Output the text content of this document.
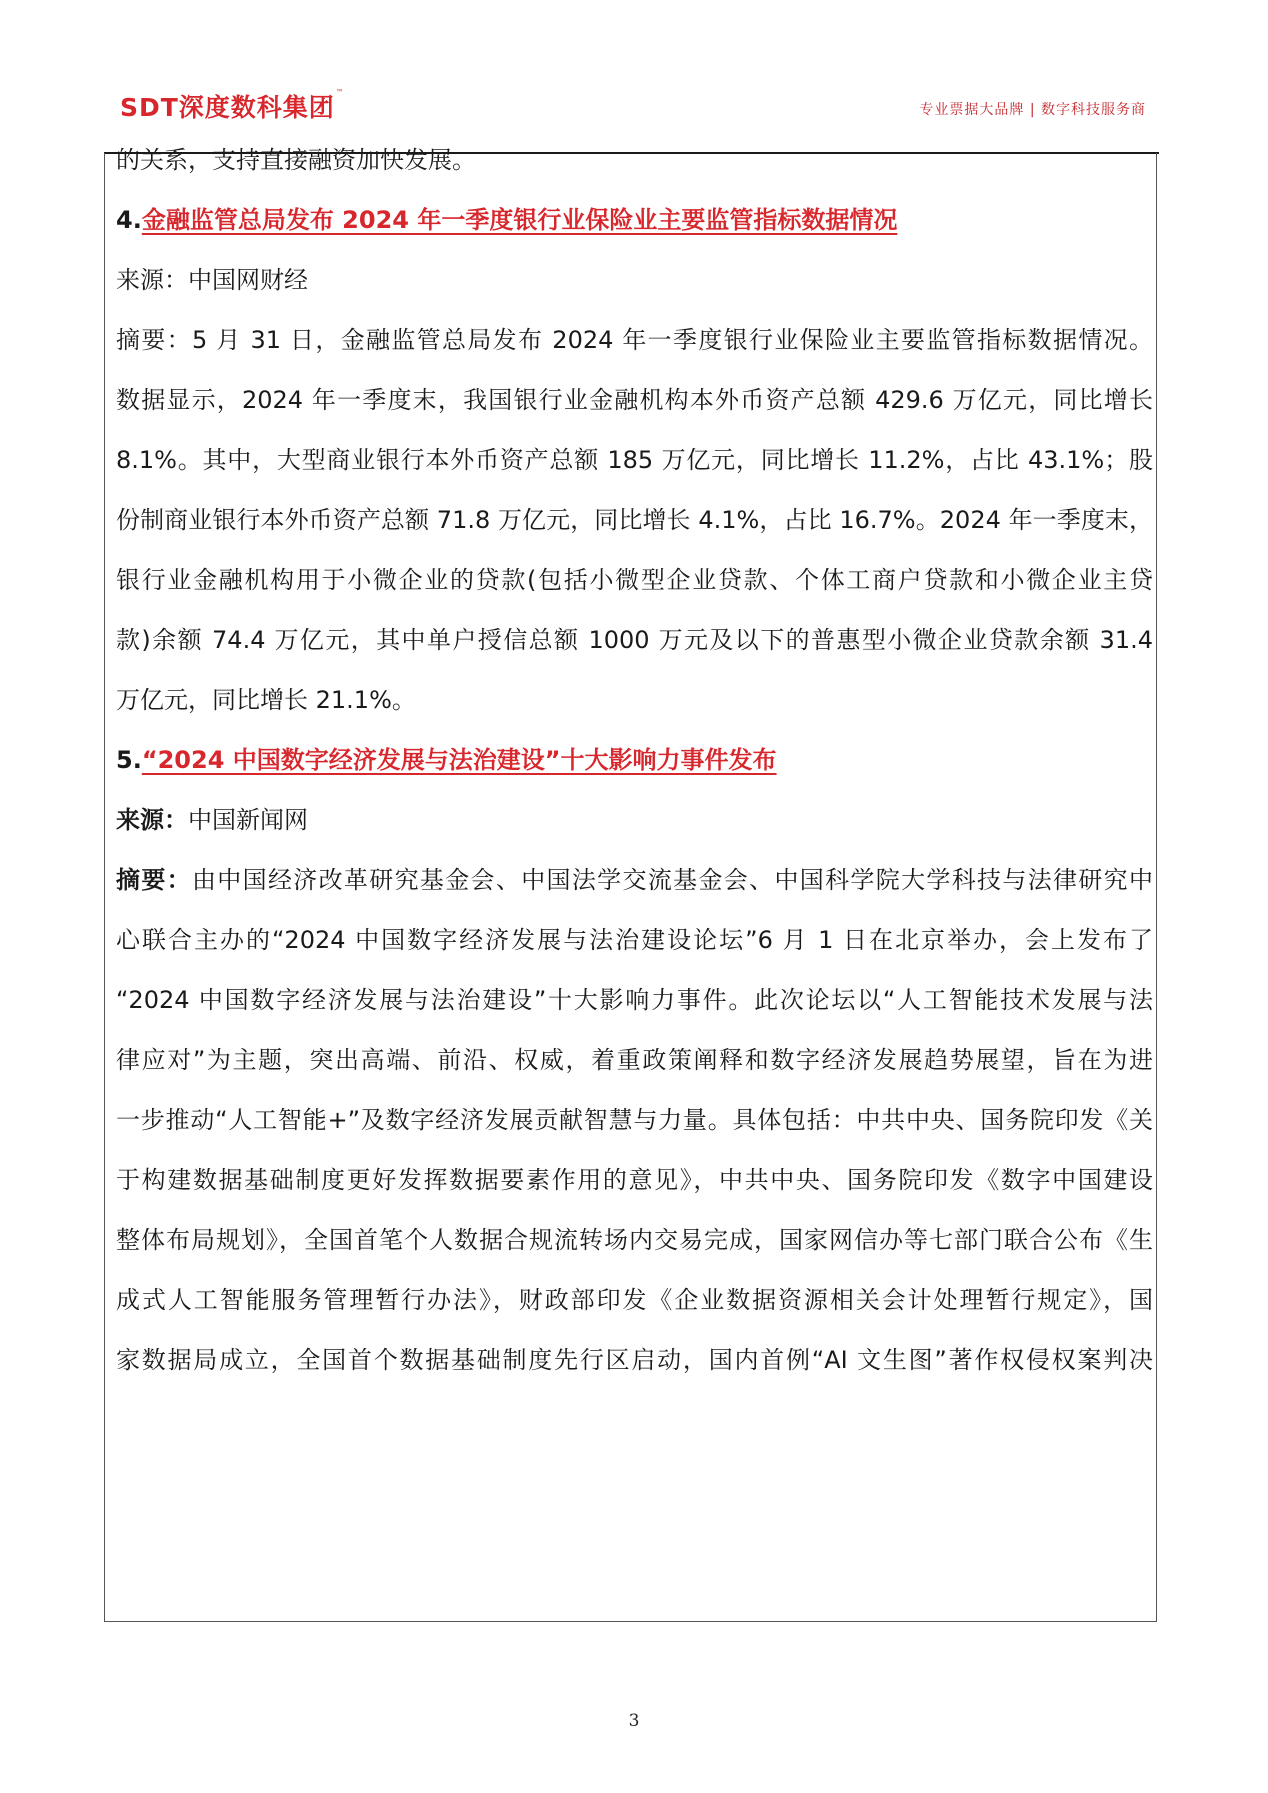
SDT深度数科集团™
专业票据大品牌 | 数字科技服务商
的关系，支持直接融资加快发展。
4.金融监管总局发布 2024 年一季度银行业保险业主要监管指标数据情况
来源：中国网财经
摘要：5 月 31 日，金融监管总局发布 2024 年一季度银行业保险业主要监管指标数据情况。
数据显示，2024 年一季度末，我国银行业金融机构本外币资产总额 429.6 万亿元，同比增长
8.1%。其中，大型商业银行本外币资产总额 185 万亿元，同比增长 11.2%，占比 43.1%；股
份制商业银行本外币资产总额 71.8 万亿元，同比增长 4.1%，占比 16.7%。2024 年一季度末，
银行业金融机构用于小微企业的贷款(包括小微型企业贷款、个体工商户贷款和小微企业主贷
款)余额 74.4 万亿元，其中单户授信总额 1000 万元及以下的普惠型小微企业贷款余额 31.4
万亿元，同比增长 21.1%。
5.“2024 中国数字经济发展与法治建设”十大影响力事件发布
来源：中国新闻网
摘要：由中国经济改革研究基金会、中国法学交流基金会、中国科学院大学科技与法律研究中
心联合主办的“2024 中国数字经济发展与法治建设论坛”6 月 1 日在北京举办，会上发布了
“2024 中国数字经济发展与法治建设”十大影响力事件。此次论坛以“人工智能技术发展与法
律应对”为主题，突出高端、前沿、权威，着重政策阐释和数字经济发展趋势展望，旨在为进
一步推动“人工智能+”及数字经济发展贡献智慧与力量。具体包括：中共中央、国务院印发《关
于构建数据基础制度更好发挥数据要素作用的意见》，中共中央、国务院印发《数字中国建设
整体布局规划》，全国首笔个人数据合规流转场内交易完成，国家网信办等七部门联合公布《生
成式人工智能服务管理暂行办法》，财政部印发《企业数据资源相关会计处理暂行规定》，国
家数据局成立，全国首个数据基础制度先行区启动，国内首例“AI 文生图”著作权侵权案判决
3
